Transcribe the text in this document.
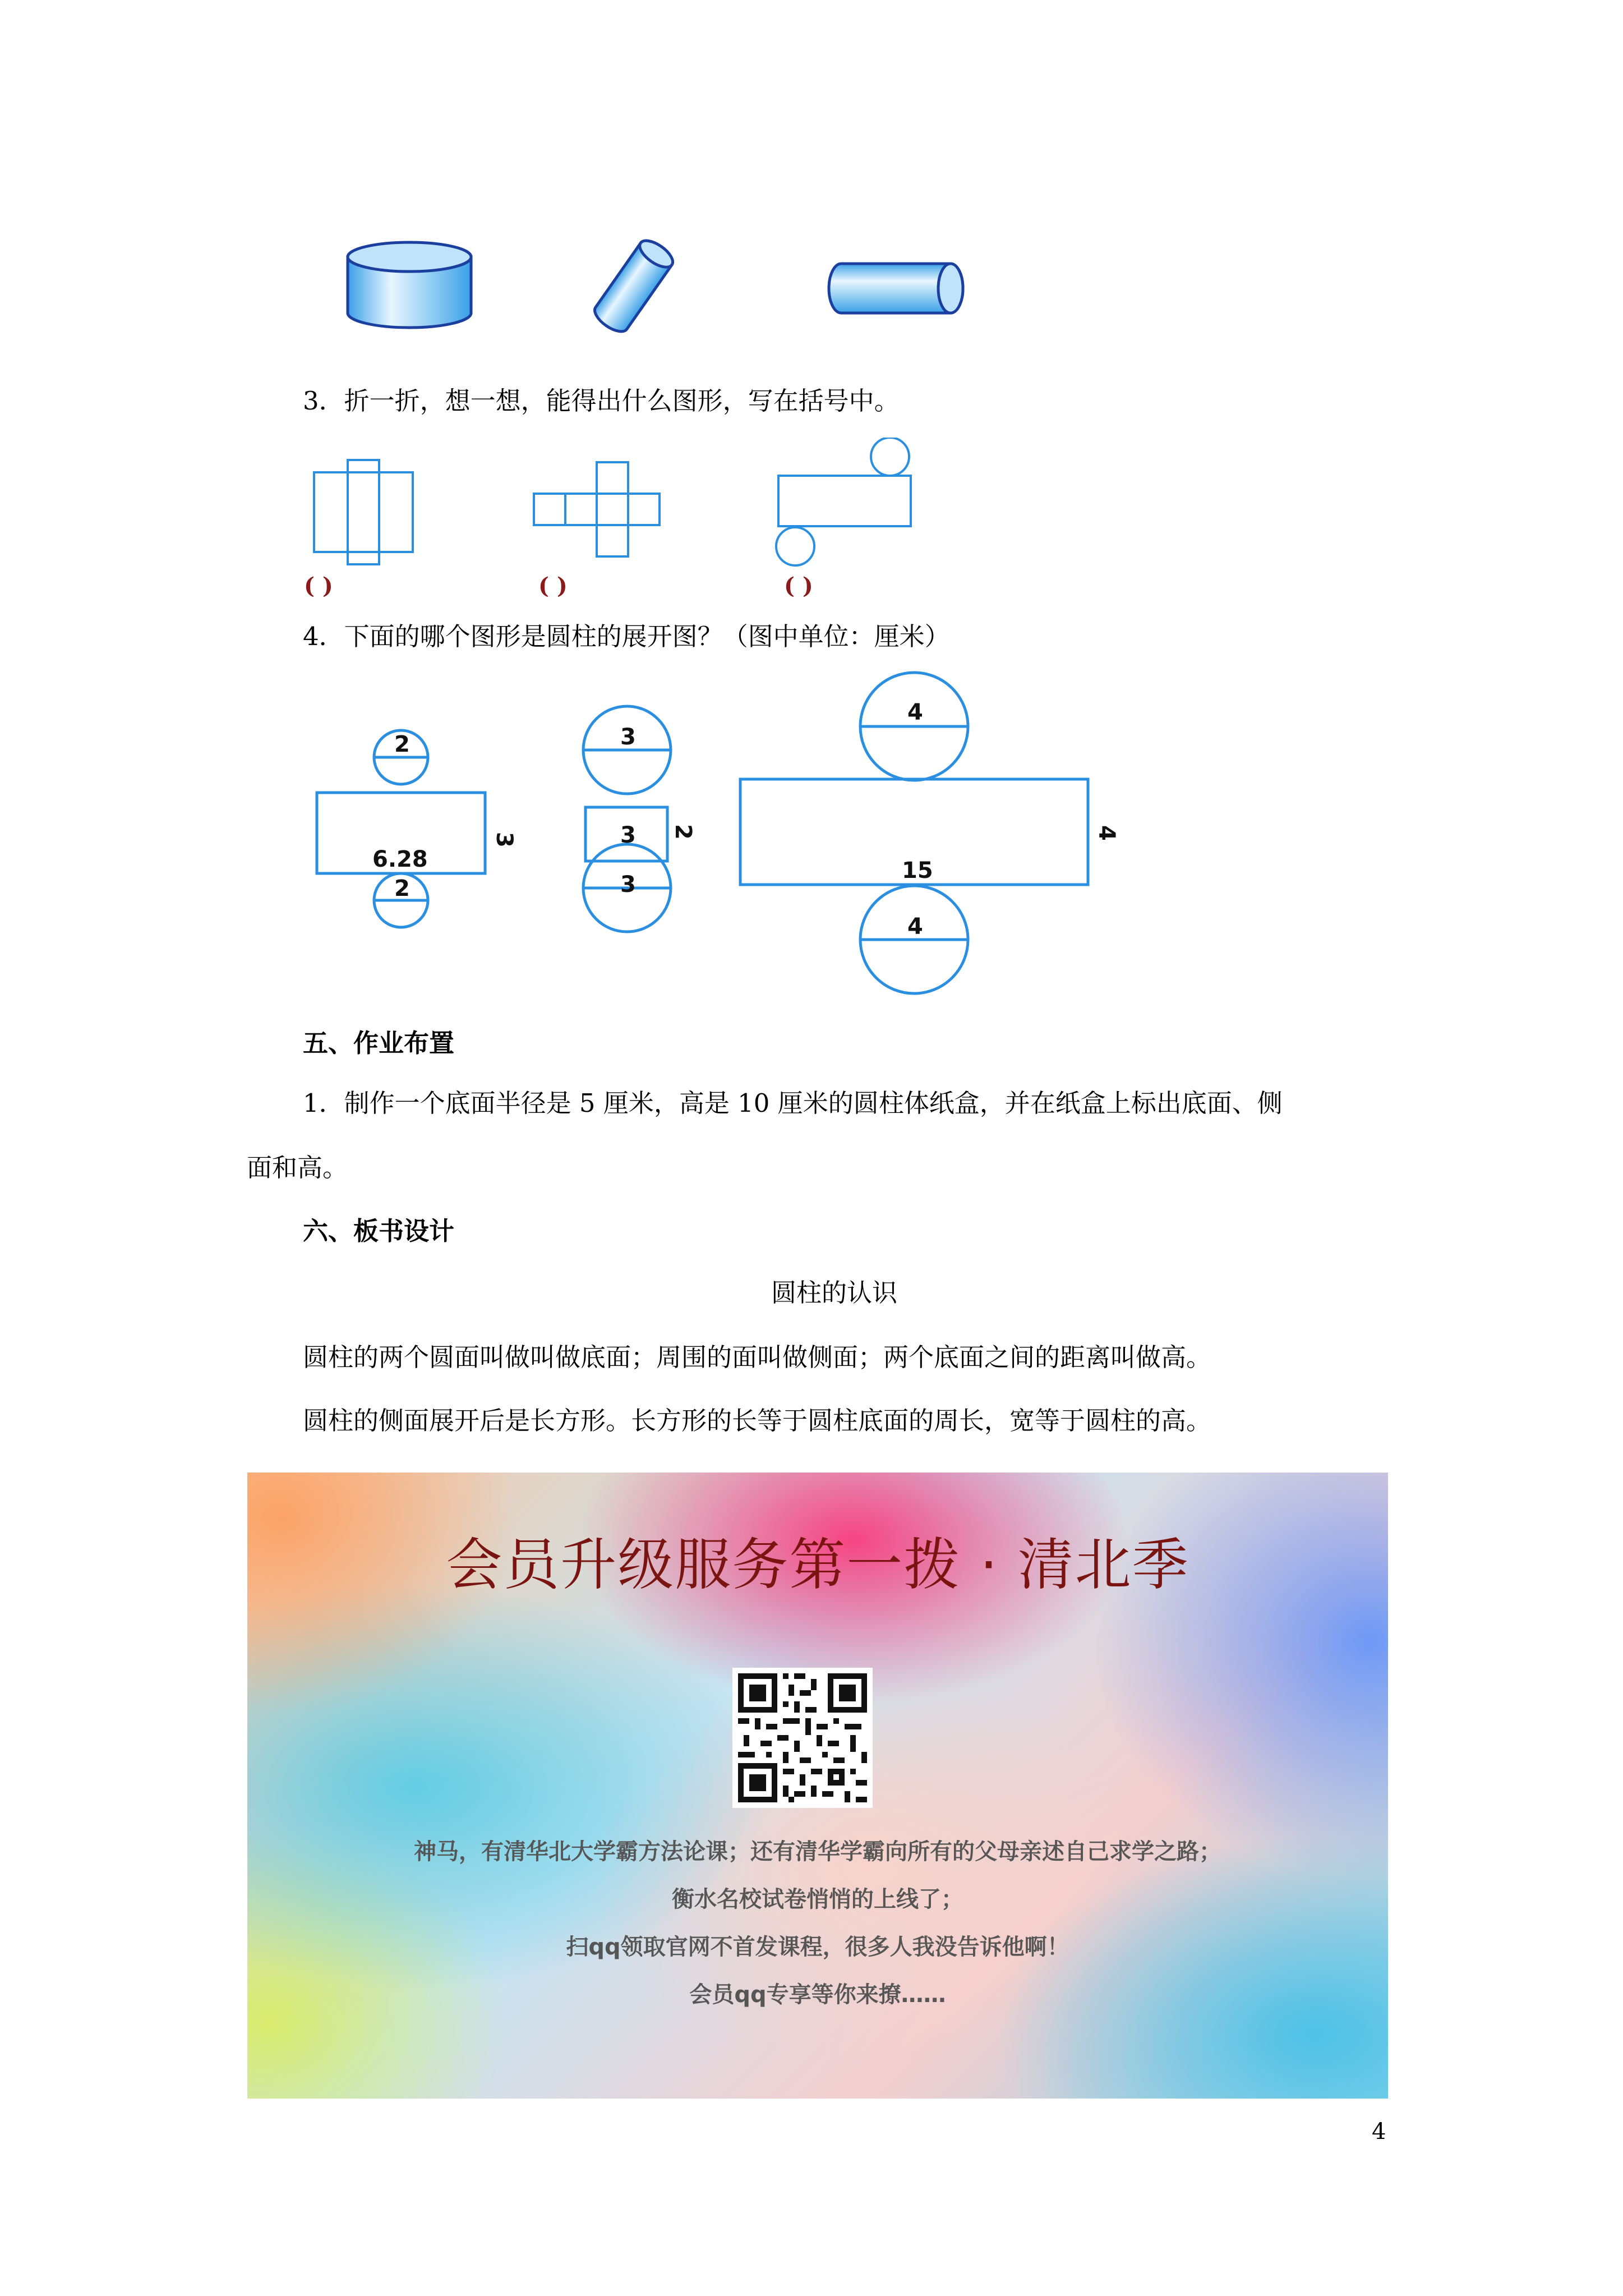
3．折一折，想一想，能得出什么图形，写在括号中。
( )	( )	( )
4．下面的哪个图形是圆柱的展开图？（图中单位：厘米）
2
6.28
3
2
3
3 2
3
4
15
4
4
五、作业布置
1．制作一个底面半径是 5 厘米，高是 10 厘米的圆柱体纸盒，并在纸盒上标出底面、侧
面和高。
六、板书设计
圆柱的认识
圆柱的两个圆面叫做叫做底面；周围的面叫做侧面；两个底面之间的距离叫做高。
圆柱的侧面展开后是长方形。长方形的长等于圆柱底面的周长，宽等于圆柱的高。
会员升级服务第一拨 · 清北季
神马，有清华北大学霸方法论课；还有清华学霸向所有的父母亲述自己求学之路；
衡水名校试卷悄悄的上线了；
扫qq领取官网不首发课程，很多人我没告诉他啊！
会员qq专享等你来撩……
4
